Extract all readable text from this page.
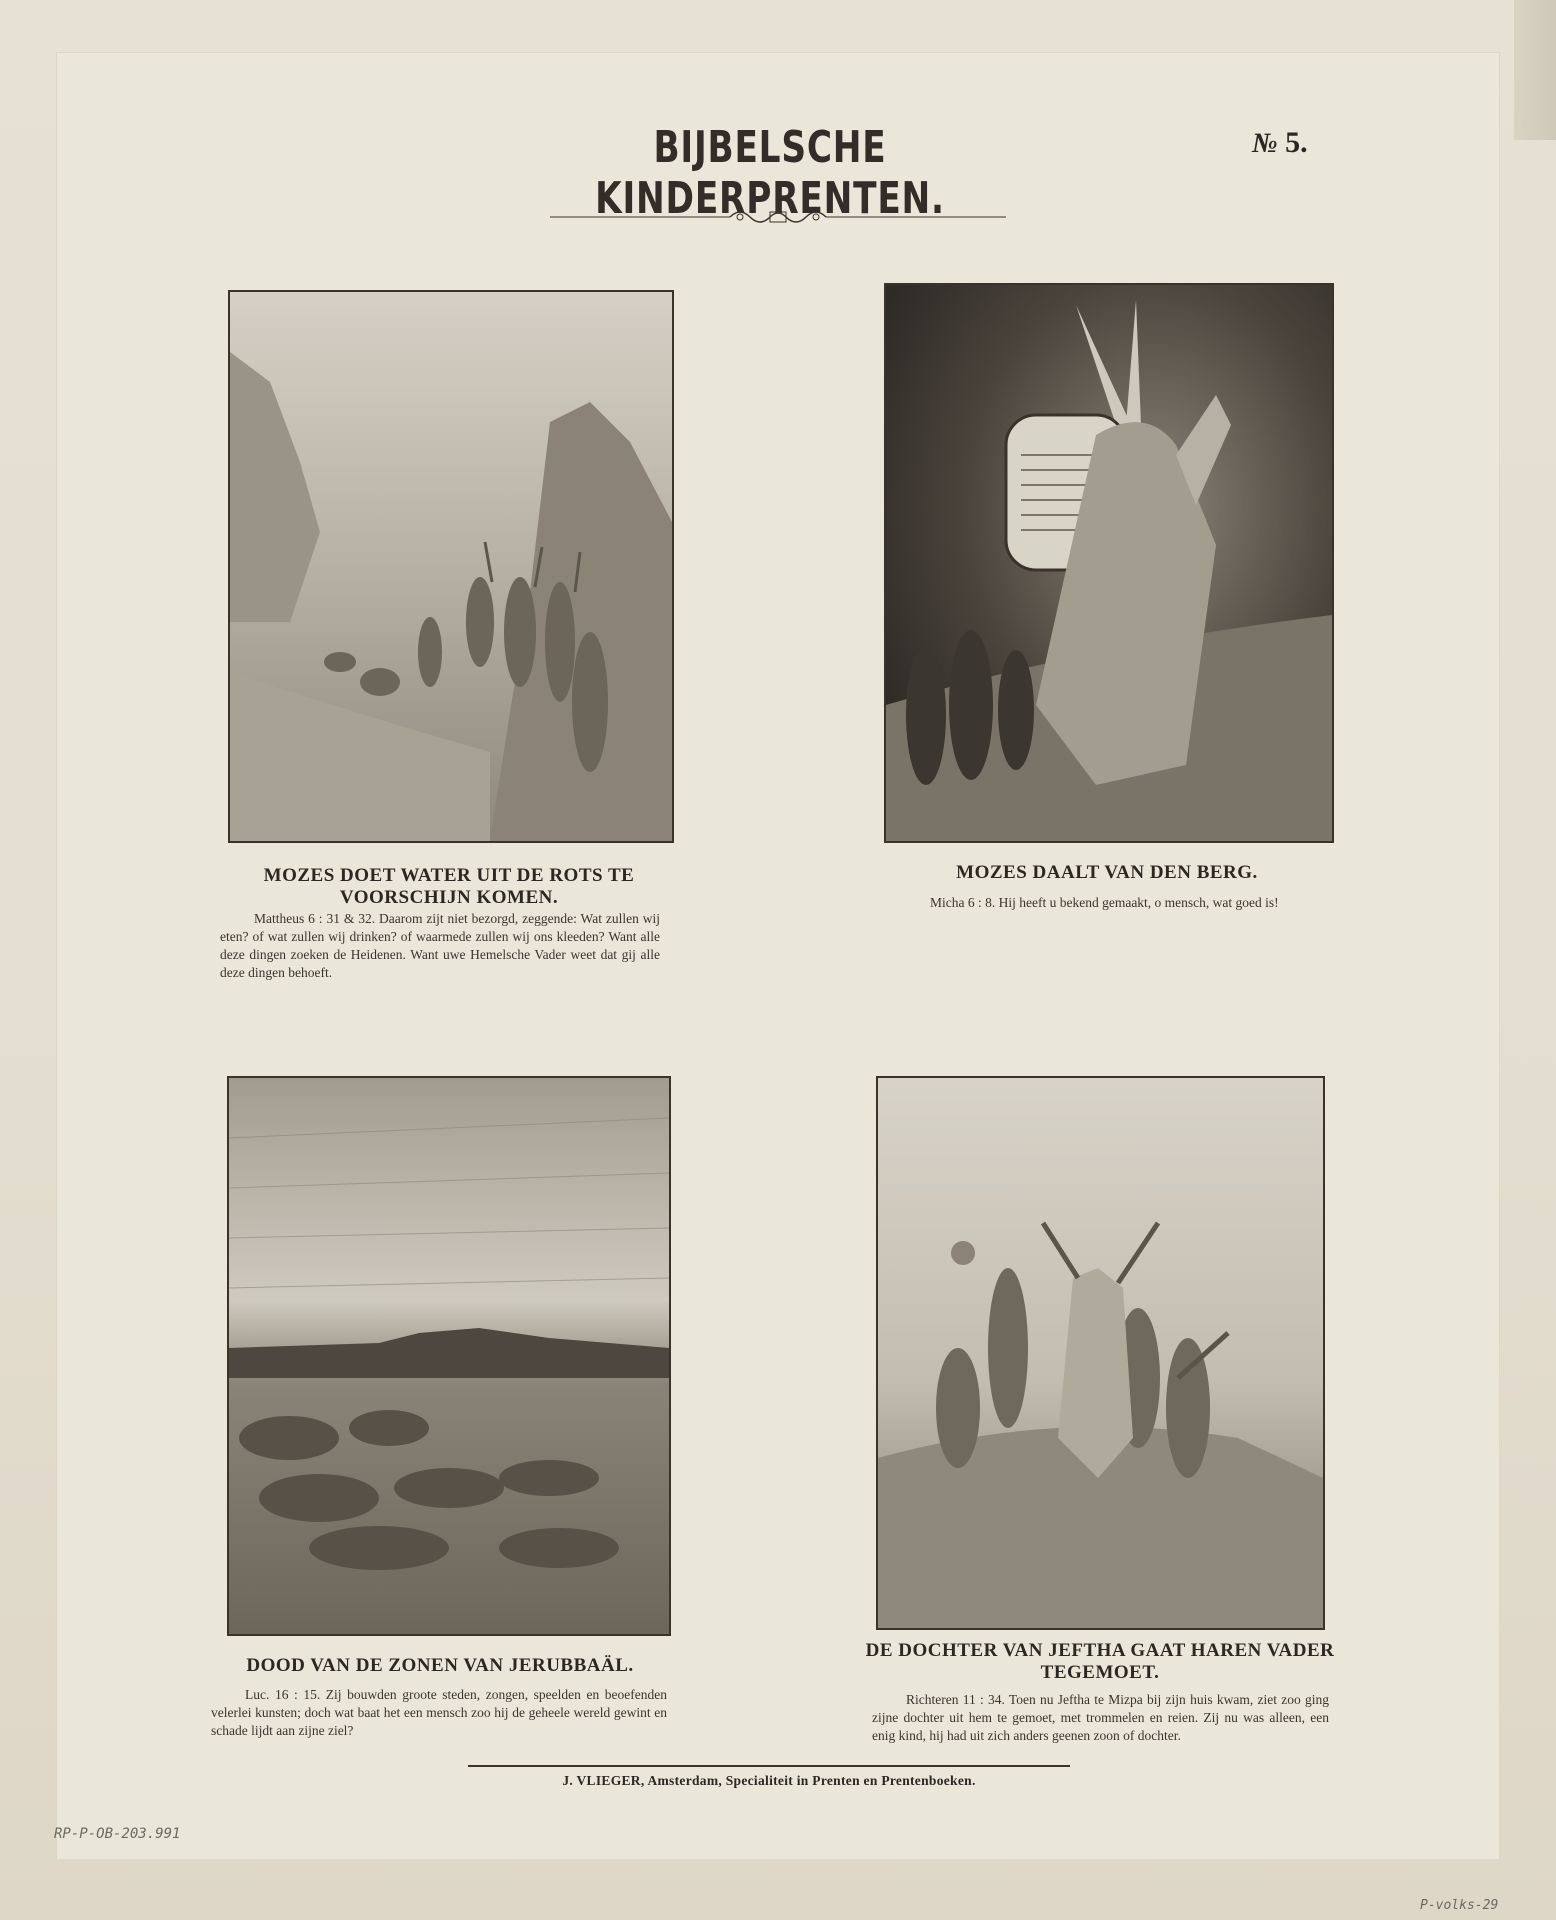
BIJBELSCHE KINDERPRENTEN.
№ 5.
MOZES DOET WATER UIT DE ROTS TE VOORSCHIJN KOMEN.
Mattheus 6 : 31 & 32. Daarom zijt niet bezorgd, zeggende: Wat zullen wij eten? of wat zullen wij drinken? of waarmede zullen wij ons kleeden? Want alle deze dingen zoeken de Heidenen. Want uwe Hemelsche Vader weet dat gij alle deze dingen behoeft.
MOZES DAALT VAN DEN BERG.
Micha 6 : 8. Hij heeft u bekend gemaakt, o mensch, wat goed is!
DOOD VAN DE ZONEN VAN JERUBBAÄL.
Luc. 16 : 15. Zij bouwden groote steden, zongen, speelden en beoefenden velerlei kunsten; doch wat baat het een mensch zoo hij de geheele wereld gewint en schade lijdt aan zijne ziel?
DE DOCHTER VAN JEFTHA GAAT HAREN VADER TEGEMOET.
Richteren 11 : 34. Toen nu Jeftha te Mizpa bij zijn huis kwam, ziet zoo ging zijne dochter uit hem te gemoet, met trommelen en reien. Zij nu was alleen, een enig kind, hij had uit zich anders geenen zoon of dochter.
J. VLIEGER, Amsterdam, Specialiteit in Prenten en Prentenboeken.
RP-P-OB-203.991
P-volks-29
